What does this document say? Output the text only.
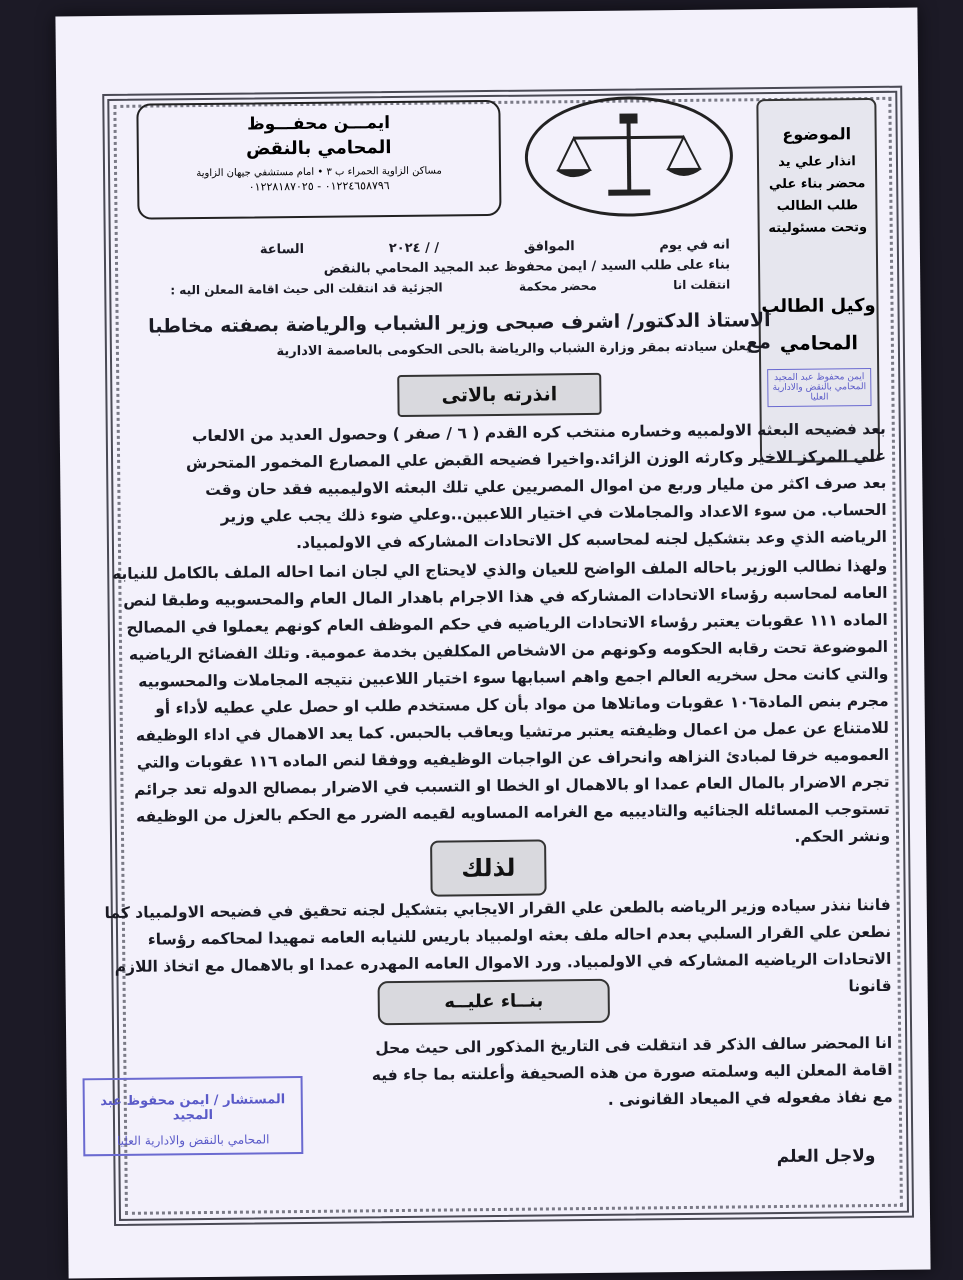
ايمـــن محفـــوظ
المحامي بالنقض
مساكن الزاوية الحمراء ب ٣ • امام مستشفي جيهان الزاوية
٠١٢٢٤٦٥٨٧٩٦ - ٠١٢٢٨١٨٧٠٢٥
الموضوع
انذار علي يد محضر بناء علي طلب الطالب وتحت مسئوليته
وكيل الطالب
المحامي
ايمن محفوظ عبد المجيد
المحامي بالنقض والادارية العليا
انه في يوم
الموافق
/ / ٢٠٢٤
الساعة
بناء على طلب السيد / ايمن محفوظ عبد المجيد المحامي بالنقض
انتقلت انا
محضر محكمة
الجزئية قد انتقلت الى حيث اقامة المعلن اليه :
الاستاذ الدكتور/ اشرف صبحى وزير الشباب والرياضة بصفته مخاطبا مع
يعلن سيادته بمقر وزارة الشباب والرياضة بالحى الحكومى بالعاصمة الادارية
انذرته بالاتى
بعد فضيحه البعثه الاولمبيه وخساره منتخب كره القدم ( ٦ / صفر ) وحصول العديد من الالعاب علي المركز الاخير وكارثه الوزن الزائد.واخيرا فضيحه القبض علي المصارع المخمور المتحرش بعد صرف اكثر من مليار وربع من اموال المصريين علي تلك البعثه الاوليمبيه فقد حان وقت الحساب. من سوء الاعداد والمجاملات في اختيار اللاعبين..وعلي ضوء ذلك يجب علي وزير الرياضه الذي وعد بتشكيل لجنه لمحاسبه كل الاتحادات المشاركه في الاولمبياد.
ولهذا نطالب الوزير باحاله الملف الواضح للعيان والذي لايحتاج الي لجان انما احاله الملف بالكامل للنيابه العامه لمحاسبه رؤساء الاتحادات المشاركه في هذا الاجرام باهدار المال العام والمحسوبيه وطبقا لنص الماده ١١١ عقوبات يعتبر رؤساء الاتحادات الرياضيه في حكم الموظف العام كونهم يعملوا في المصالح الموضوعة تحت رقابه الحكومه وكونهم من الاشخاص المكلفين بخدمة عمومية. وتلك الفضائح الرياضيه والتي كانت محل سخريه العالم اجمع واهم اسبابها سوء اختيار اللاعبين نتيجه المجاملات والمحسوبيه مجرم بنص المادة١٠٦ عقوبات وماتلاها من مواد بأن كل مستخدم طلب او حصل علي عطيه لأداء أو للامتناع عن عمل من اعمال وظيفته يعتبر مرتشيا ويعاقب بالحبس. كما يعد الاهمال في اداء الوظيفه العموميه خرقا لمبادئ النزاهه وانحراف عن الواجبات الوظيفيه ووفقا لنص الماده ١١٦ عقوبات والتي تجرم الاضرار بالمال العام عمدا او بالاهمال او الخطا او التسبب في الاضرار بمصالح الدوله تعد جرائم تستوجب المسائله الجنائيه والتاديبيه مع الغرامه المساويه لقيمه الضرر مع الحكم بالعزل من الوظيفه ونشر الحكم.
لذلك
فاننا ننذر سياده وزير الرياضه بالطعن علي القرار الايجابي بتشكيل لجنه تحقيق في فضيحه الاولمبياد كما نطعن علي القرار السلبي بعدم احاله ملف بعثه اولمبياد باريس للنيابه العامه تمهيدا لمحاكمه رؤساء الاتحادات الرياضيه المشاركه في الاولمبياد. ورد الاموال العامه المهدره عمدا او بالاهمال مع اتخاذ اللازم قانونا
بنــاء عليــه
انا المحضر سالف الذكر قد انتقلت فى التاريخ المذكور الى حيث محل اقامة المعلن اليه وسلمته صورة من هذه الصحيفة وأعلنته بما جاء فيه مع نفاذ مفعوله في الميعاد القانونى .
المستشار / ايمن محفوظ عبد المجيد
المحامي بالنقض والادارية العليا
ولاجل العلم
